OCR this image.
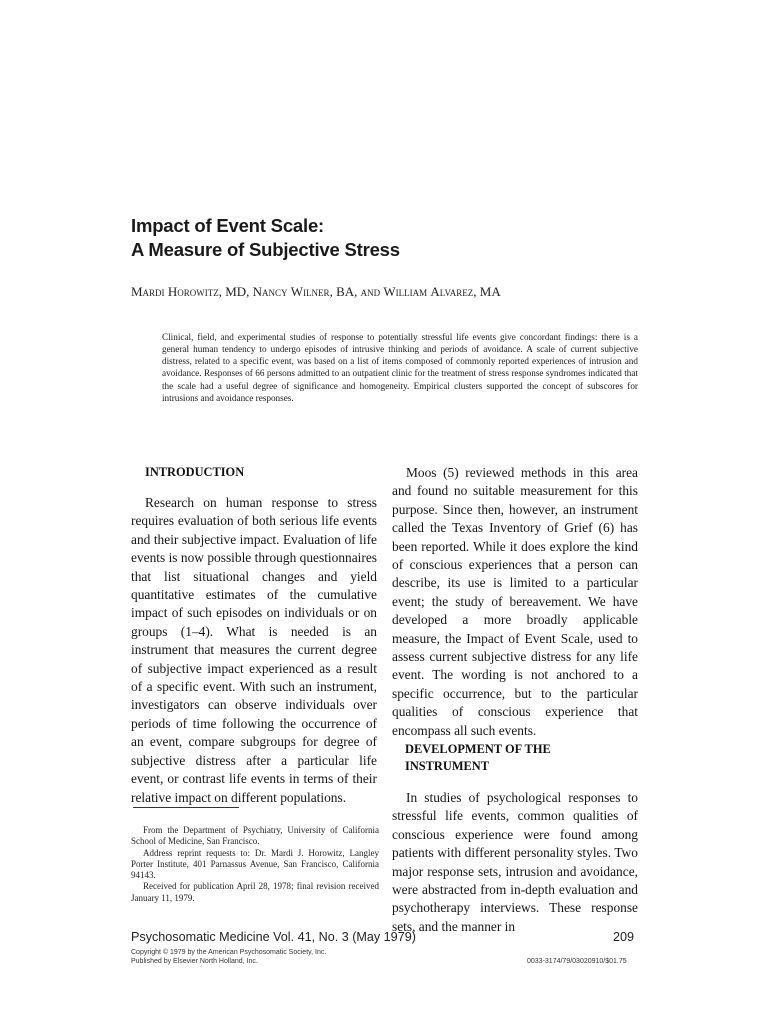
Impact of Event Scale:
A Measure of Subjective Stress
Mardi Horowitz, MD, Nancy Wilner, BA, and William Alvarez, MA
Clinical, field, and experimental studies of response to potentially stressful life events give concordant findings: there is a general human tendency to undergo episodes of intrusive thinking and periods of avoidance. A scale of current subjective distress, related to a specific event, was based on a list of items composed of commonly reported experiences of intrusion and avoidance. Responses of 66 persons admitted to an outpatient clinic for the treatment of stress response syndromes indicated that the scale had a useful degree of significance and homogeneity. Empirical clusters supported the concept of subscores for intrusions and avoidance responses.
INTRODUCTION

Research on human response to stress requires evaluation of both serious life events and their subjective impact. Evaluation of life events is now possible through questionnaires that list situational changes and yield quantitative estimates of the cumulative impact of such episodes on individuals or on groups (1–4). What is needed is an instrument that measures the current degree of subjective impact experienced as a result of a specific event. With such an instrument, investigators can observe individuals over periods of time following the occurrence of an event, compare subgroups for degree of subjective distress after a particular life event, or contrast life events in terms of their relative impact on different populations.

From the Department of Psychiatry, University of California School of Medicine, San Francisco.

Address reprint requests to: Dr. Mardi J. Horowitz, Langley Porter Institute, 401 Parnassus Avenue, San Francisco, California 94143.

Received for publication April 28, 1978; final revision received January 11, 1979.

Moos (5) reviewed methods in this area and found no suitable measurement for this purpose. Since then, however, an instrument called the Texas Inventory of Grief (6) has been reported. While it does explore the kind of conscious experiences that a person can describe, its use is limited to a particular event; the study of bereavement. We have developed a more broadly applicable measure, the Impact of Event Scale, used to assess current subjective distress for any life event. The wording is not anchored to a specific occurrence, but to the particular qualities of conscious experience that encompass all such events.

DEVELOPMENT OF THE
INSTRUMENT

In studies of psychological responses to stressful life events, common qualities of conscious experience were found among patients with different personality styles. Two major response sets, intrusion and avoidance, were abstracted from in-depth evaluation and psychotherapy interviews. These response sets, and the manner in

Psychosomatic Medicine Vol. 41, No. 3 (May 1979)	209
Copyright © 1979 by the American Psychosomatic Society, Inc.
Published by Elsevier North Holland, Inc.	0033-3174/79/03020910/$01.75
